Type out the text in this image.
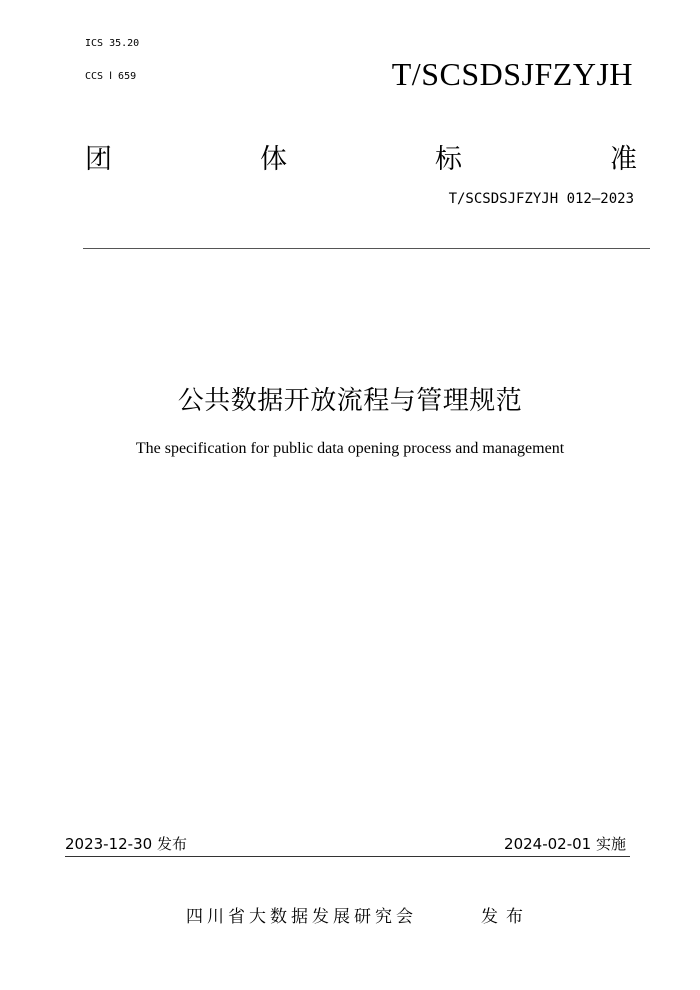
ICS 35.20
CCS Ⅰ 659	T/SCSDSJFZYJH
团	体	标	准
T/SCSDSJFZYJH 012—2023
公共数据开放流程与管理规范
The specification for public data opening process and management
2023-12-30 发布	2024-02-01 实施
四川省大数据发展研究会	发布
